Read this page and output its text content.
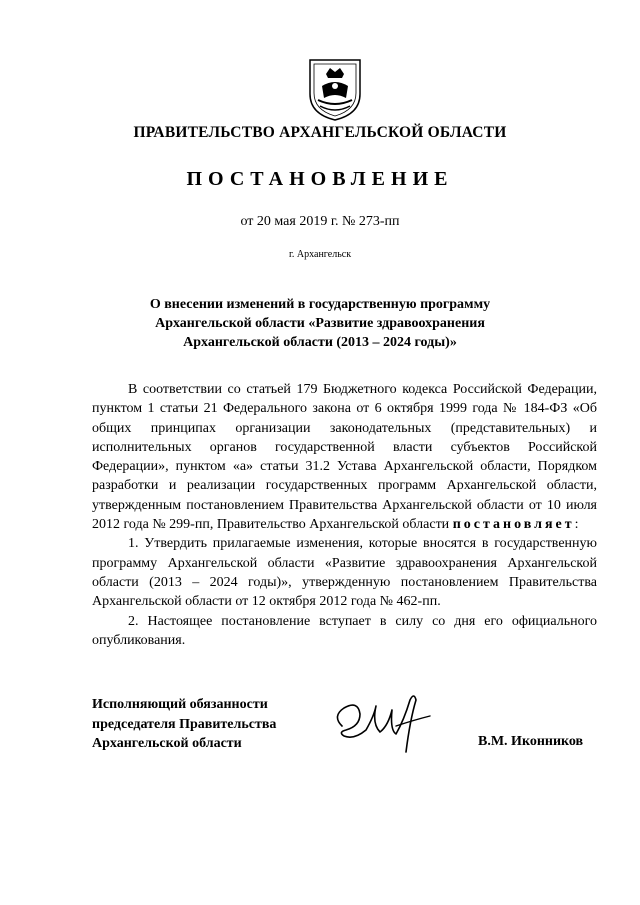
ПРАВИТЕЛЬСТВО АРХАНГЕЛЬСКОЙ ОБЛАСТИ
ПОСТАНОВЛЕНИЕ
от 20 мая 2019 г. № 273-пп
г. Архангельск
О внесении изменений в государственную программу
Архангельской области «Развитие здравоохранения
Архангельской области (2013 – 2024 годы)»

В соответствии со статьей 179 Бюджетного кодекса Российской Федерации, пунктом 1 статьи 21 Федерального закона от 6 октября 1999 года № 184-ФЗ «Об общих принципах организации законодательных (представительных) и исполнительных органов государственной власти субъектов Российской Федерации», пунктом «а» статьи 31.2 Устава Архангельской области, Порядком разработки и реализации государственных программ Архангельской области, утвержденным постановлением Правительства Архангельской области от 10 июля 2012 года № 299-пп, Правительство Архангельской области постановляет:

1. Утвердить прилагаемые изменения, которые вносятся в государственную программу Архангельской области «Развитие здравоохранения Архангельской области (2013 – 2024 годы)», утвержденную постановлением Правительства Архангельской области от 12 октября 2012 года № 462-пп.

2. Настоящее постановление вступает в силу со дня его официального опубликования.

Исполняющий обязанности
председателя Правительства
Архангельской области	В.М. Иконников
